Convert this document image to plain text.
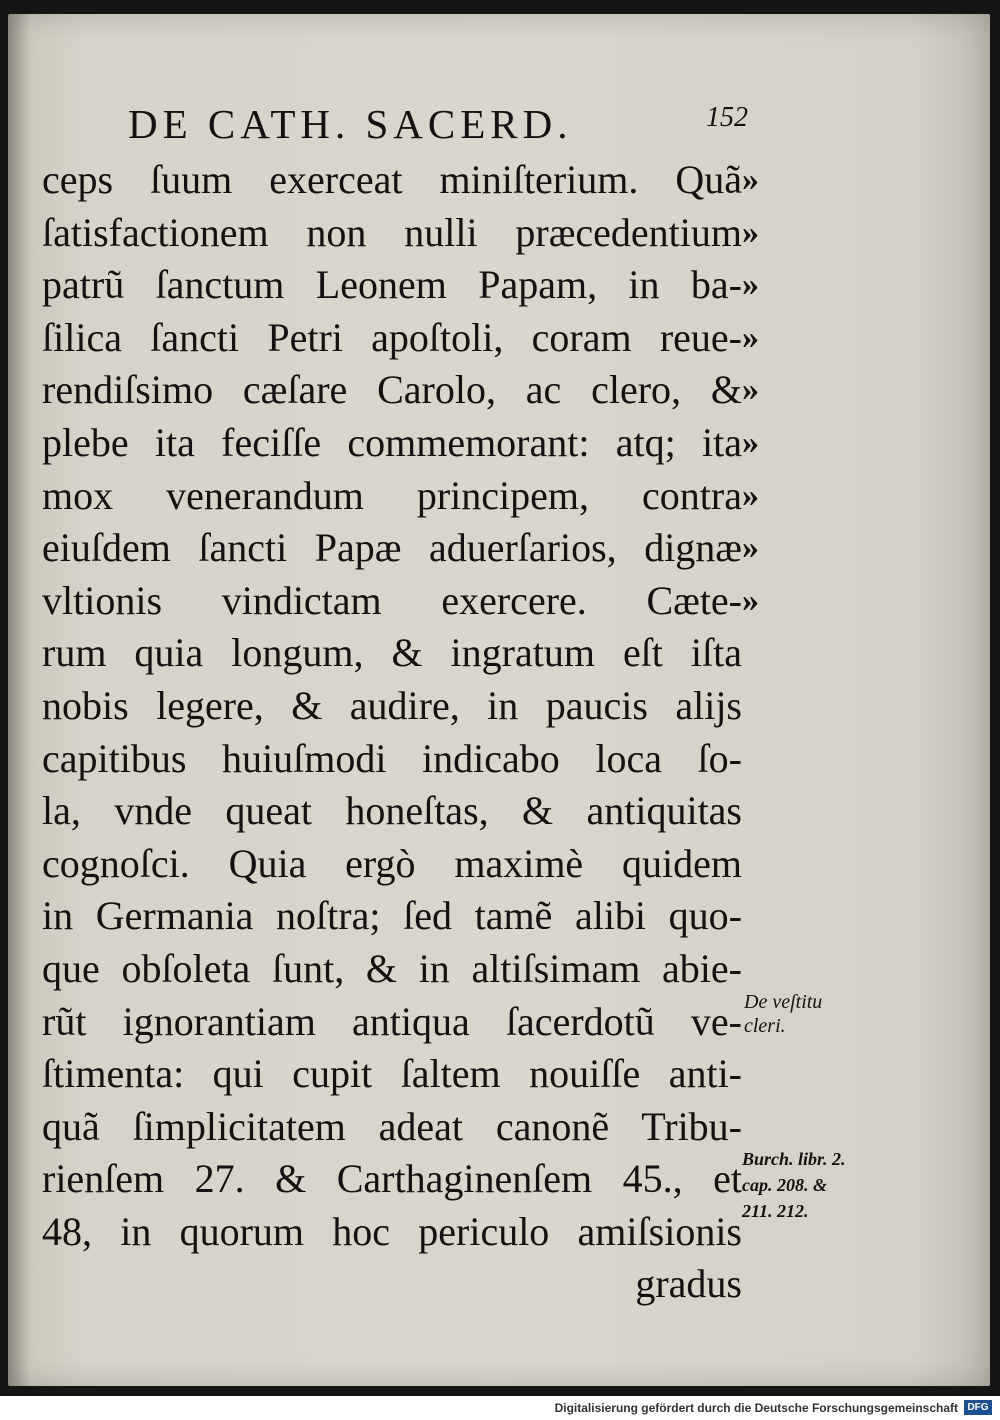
DE CATH. SACERD.	152
ceps ſuum exerceat miniſterium. Quã
ſatisfactionem non nulli præcedentium
patrũ ſanctum Leonem Papam, in ba-
ſilica ſancti Petri apoſtoli, coram reue-
rendiſsimo cæſare Carolo, ac clero, &
plebe ita feciſſe commemorant: atq; ita
mox venerandum principem, contra
eiuſdem ſancti Papæ aduerſarios, dignæ
vltionis vindictam exercere. Cæte-
rum quia longum, & ingratum eſt iſta
nobis legere, & audire, in paucis alijs
capitibus huiuſmodi indicabo loca ſo-
la, vnde queat honeſtas, & antiquitas
cognoſci. Quia ergò maximè quidem
in Germania noſtra; ſed tamẽ alibi quo-
que obſoleta ſunt, & in altiſsimam abie-
rũt ignorantiam antiqua ſacerdotũ ve-
ſtimenta: qui cupit ſaltem nouiſſe anti-
quã ſimplicitatem adeat canonẽ Tribu-
rienſem 27. & Carthaginenſem 45., et
48, in quorum hoc periculo amiſsionis
gradus
»
»
»
»
»
»
»
»
»
De veſtitu
cleri.
Burch. libr. 2.
cap. 208. &
211. 212.
Digitalisierung gefördert durch die Deutsche Forschungsgemeinschaft DFG
